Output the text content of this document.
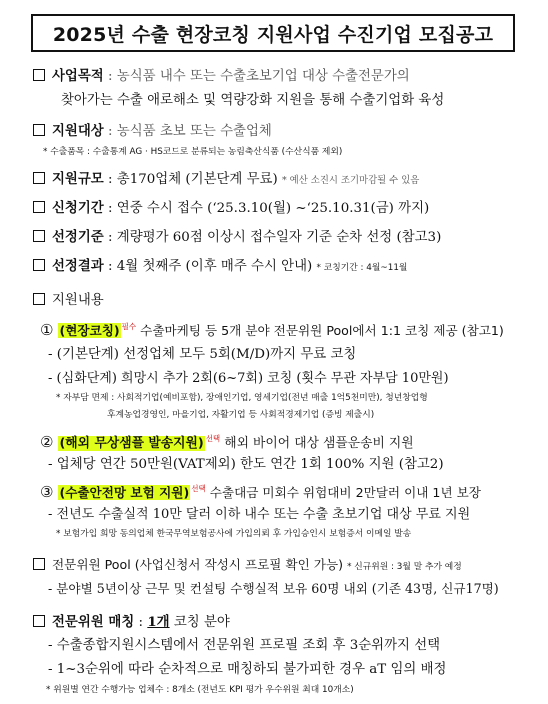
2025년 수출 현장코칭 지원사업 수진기업 모집공고
사업목적 : 농식품 내수 또는 수출초보기업 대상 수출전문가의
찾아가는 수출 애로해소 및 역량강화 지원을 통해 수출기업화 육성
지원대상 : 농식품 초보 또는 수출업체
* 수출품목 : 수출통계 AG · HS코드로 분류되는 농림축산식품 (수산식품 제외)
지원규모 : 총170업체 (기본단계 무료) * 예산 소진시 조기마감될 수 있음
신청기간 : 연중 수시 접수 (‘25.3.10(월) ~‘25.10.31(금) 까지)
선정기준 : 계량평가 60점 이상시 접수일자 기준 순차 선정 (참고3)
선정결과 : 4월 첫째주 (이후 매주 수시 안내) * 코칭기간 : 4월~11월
지원내용
① (현장코칭) $^{필수}$ 수출마케팅 등 5개 분야 전문위원 Pool에서 1:1 코칭 제공 (참고1)
- (기본단계) 선정업체 모두 5회(M/D)까지 무료 코칭
- (심화단계) 희망시 추가 2회(6~7회) 코칭 (횟수 무관 자부담 10만원)
* 자부담 면제 : 사회적기업(예비포함), 장애인기업, 영세기업(전년 매출 1억5천미만), 청년창업형
후계농업경영인, 마을기업, 자활기업 등 사회적경제기업 (증빙 제출시)
② (해외 무상샘플 발송지원) $^{선택}$ 해외 바이어 대상 샘플운송비 지원
- 업체당 연간 50만원(VAT제외) 한도 연간 1회 100% 지원 (참고2)
③ (수출안전망 보험 지원) $^{선택}$ 수출대금 미회수 위험대비 2만달러 이내 1년 보장
- 전년도 수출실적 10만 달러 이하 내수 또는 수출 초보기업 대상 무료 지원
* 보험가입 희망 동의업체 한국무역보험공사에 가입의뢰 후 가입승인시 보험증서 이메일 발송
전문위원 Pool (사업신청서 작성시 프로필 확인 가능) * 신규위원 : 3월 말 추가 예정
- 분야별 5년이상 근무 및 컨설팅 수행실적 보유 60명 내외 (기존 43명, 신규17명)
전문위원 매칭 : 1개 코칭 분야
- 수출종합지원시스템에서 전문위원 프로필 조회 후 3순위까지 선택
- 1~3순위에 따라 순차적으로 매칭하되 불가피한 경우 aT 임의 배정
* 위원별 연간 수행가능 업체수 : 8개소 (전년도 KPI 평가 우수위원 최대 10개소)
